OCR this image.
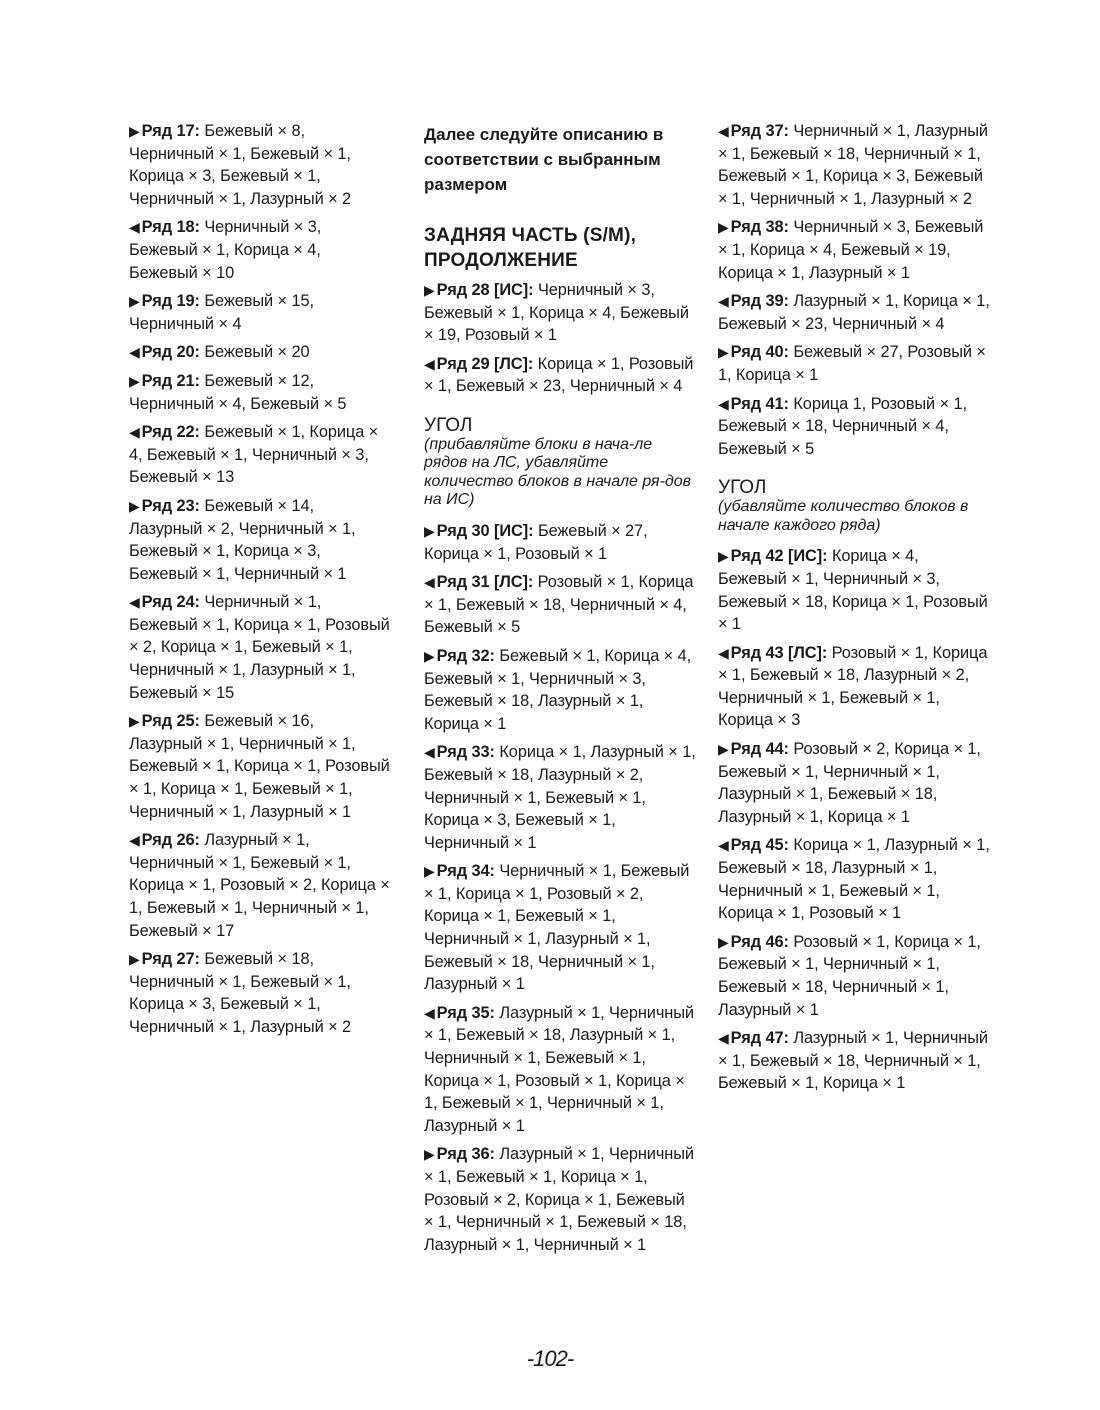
▶ Ряд 17: Бежевый × 8, Черничный × 1, Бежевый × 1, Корица × 3, Бежевый × 1, Черничный × 1, Лазурный × 2

◀ Ряд 18: Черничный × 3, Бежевый × 1, Корица × 4, Бежевый × 10

▶ Ряд 19: Бежевый × 15, Черничный × 4

◀ Ряд 20: Бежевый × 20

▶ Ряд 21: Бежевый × 12, Черничный × 4, Бежевый × 5

◀ Ряд 22: Бежевый × 1, Корица × 4, Бежевый × 1, Черничный × 3, Бежевый × 13

▶ Ряд 23: Бежевый × 14, Лазурный × 2, Черничный × 1, Бежевый × 1, Корица × 3, Бежевый × 1, Черничный × 1

◀ Ряд 24: Черничный × 1, Бежевый × 1, Корица × 1, Розовый × 2, Корица × 1, Бежевый × 1, Черничный × 1, Лазурный × 1, Бежевый × 15

▶ Ряд 25: Бежевый × 16, Лазурный × 1, Черничный × 1, Бежевый × 1, Корица × 1, Розовый × 1, Корица × 1, Бежевый × 1, Черничный × 1, Лазурный × 1

◀ Ряд 26: Лазурный × 1, Черничный × 1, Бежевый × 1, Корица × 1, Розовый × 2, Корица × 1, Бежевый × 1, Черничный × 1, Бежевый × 17

▶ Ряд 27: Бежевый × 18, Черничный × 1, Бежевый × 1, Корица × 3, Бежевый × 1, Черничный × 1, Лазурный × 2

Далее следуйте описанию в соответствии с выбранным размером

ЗАДНЯЯ ЧАСТЬ (S/M), ПРОДОЛЖЕНИЕ

▶ Ряд 28 [ИС]: Черничный × 3, Бежевый × 1, Корица × 4, Бежевый × 19, Розовый × 1

◀ Ряд 29 [ЛС]: Корица × 1, Розовый × 1, Бежевый × 23, Черничный × 4

УГОЛ
(прибавляйте блоки в нача-ле рядов на ЛС, убавляйте количество блоков в начале ря-дов на ИС)

▶ Ряд 30 [ИС]: Бежевый × 27, Корица × 1, Розовый × 1

◀ Ряд 31 [ЛС]: Розовый × 1, Корица × 1, Бежевый × 18, Черничный × 4, Бежевый × 5

▶ Ряд 32: Бежевый × 1, Корица × 4, Бежевый × 1, Черничный × 3, Бежевый × 18, Лазурный × 1, Корица × 1

◀ Ряд 33: Корица × 1, Лазурный × 1, Бежевый × 18, Лазурный × 2, Черничный × 1, Бежевый × 1, Корица × 3, Бежевый × 1, Черничный × 1

▶ Ряд 34: Черничный × 1, Бежевый × 1, Корица × 1, Розовый × 2, Корица × 1, Бежевый × 1, Черничный × 1, Лазурный × 1, Бежевый × 18, Черничный × 1, Лазурный × 1

◀ Ряд 35: Лазурный × 1, Черничный × 1, Бежевый × 18, Лазурный × 1, Черничный × 1, Бежевый × 1, Корица × 1, Розовый × 1, Корица × 1, Бежевый × 1, Черничный × 1, Лазурный × 1

▶ Ряд 36: Лазурный × 1, Черничный × 1, Бежевый × 1, Корица × 1, Розовый × 2, Корица × 1, Бежевый × 1, Черничный × 1, Бежевый × 18, Лазурный × 1, Черничный × 1

◀ Ряд 37: Черничный × 1, Лазурный × 1, Бежевый × 18, Черничный × 1, Бежевый × 1, Корица × 3, Бежевый × 1, Черничный × 1, Лазурный × 2

▶ Ряд 38: Черничный × 3, Бежевый × 1, Корица × 4, Бежевый × 19, Корица × 1, Лазурный × 1

◀ Ряд 39: Лазурный × 1, Корица × 1, Бежевый × 23, Черничный × 4

▶ Ряд 40: Бежевый × 27, Розовый × 1, Корица × 1

◀ Ряд 41: Корица 1, Розовый × 1, Бежевый × 18, Черничный × 4, Бежевый × 5

УГОЛ
(убавляйте количество блоков в начале каждого ряда)

▶ Ряд 42 [ИС]: Корица × 4, Бежевый × 1, Черничный × 3, Бежевый × 18, Корица × 1, Розовый × 1

◀ Ряд 43 [ЛС]: Розовый × 1, Корица × 1, Бежевый × 18, Лазурный × 2, Черничный × 1, Бежевый × 1, Корица × 3

▶ Ряд 44: Розовый × 2, Корица × 1, Бежевый × 1, Черничный × 1, Лазурный × 1, Бежевый × 18, Лазурный × 1, Корица × 1

◀ Ряд 45: Корица × 1, Лазурный × 1, Бежевый × 18, Лазурный × 1, Черничный × 1, Бежевый × 1, Корица × 1, Розовый × 1

▶ Ряд 46: Розовый × 1, Корица × 1, Бежевый × 1, Черничный × 1, Бежевый × 18, Черничный × 1, Лазурный × 1

◀ Ряд 47: Лазурный × 1, Черничный × 1, Бежевый × 18, Черничный × 1, Бежевый × 1, Корица × 1

-102-
